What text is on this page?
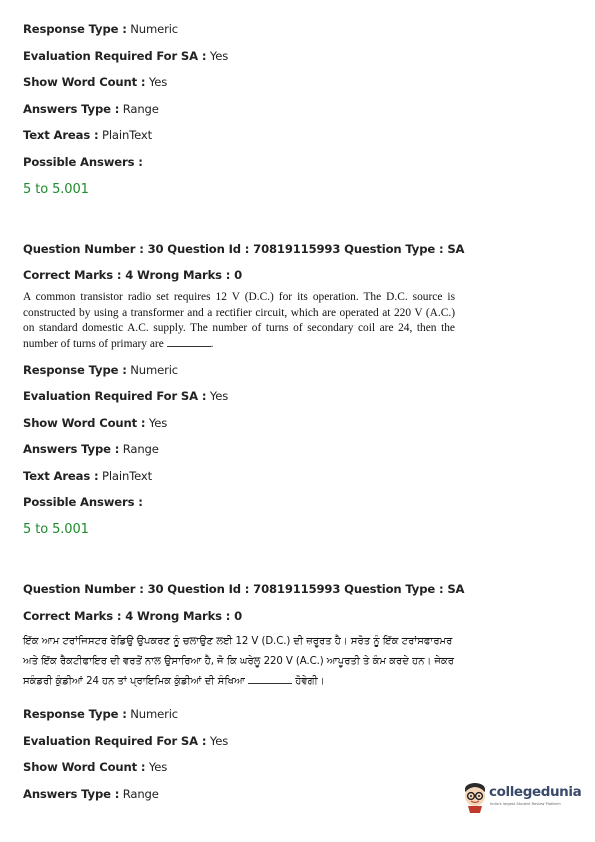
Response Type : Numeric
Evaluation Required For SA : Yes
Show Word Count : Yes
Answers Type : Range
Text Areas : PlainText
Possible Answers :
5 to 5.001
Question Number : 30 Question Id : 70819115993 Question Type : SA
Correct Marks : 4 Wrong Marks : 0
A common transistor radio set requires 12 V (D.C.) for its operation. The D.C. source is constructed by using a transformer and a rectifier circuit, which are operated at 220 V (A.C.) on standard domestic A.C. supply. The number of turns of secondary coil are 24, then the number of turns of primary are	.
Response Type : Numeric
Evaluation Required For SA : Yes
Show Word Count : Yes
Answers Type : Range
Text Areas : PlainText
Possible Answers :
5 to 5.001
Question Number : 30 Question Id : 70819115993 Question Type : SA
Correct Marks : 4 Wrong Marks : 0
ਇੱਕ ਆਮ ਟਰਾਂਜਿਸਟਰ ਰੇਡਿਉ ਉਪਕਰਣ ਨੂੰ ਚਲਾਉਣ ਲਈ 12 V (D.C.) ਦੀ ਜ਼ਰੂਰਤ ਹੈ। ਸਰੋਤ ਨੂੰ ਇੱਕ ਟਰਾਂਸਫਾਰਮਰ ਅਤੇ ਇੱਕ ਰੈਕਟੀਫਾਇਰ ਦੀ ਵਰਤੋਂ ਨਾਲ ਉਸਾਰਿਆ ਹੈ, ਜੋ ਕਿ ਘਰੇਲੂ 220 V (A.C.) ਆਪੂਰਤੀ ਤੇ ਕੰਮ ਕਰਦੇ ਹਨ। ਜੇਕਰ ਸਕੰਡਰੀ ਕੁੰਡੀਆਂ 24 ਹਨ ਤਾਂ ਪ੍ਰਾਇਮਿਕ ਕੁੰਡੀਆਂ ਦੀ ਸੰਖਿਆ	ਹੋਵੇਗੀ।
Response Type : Numeric
Evaluation Required For SA : Yes
Show Word Count : Yes
Answers Type : Range	collegedunia
India's largest Student Review Platform
